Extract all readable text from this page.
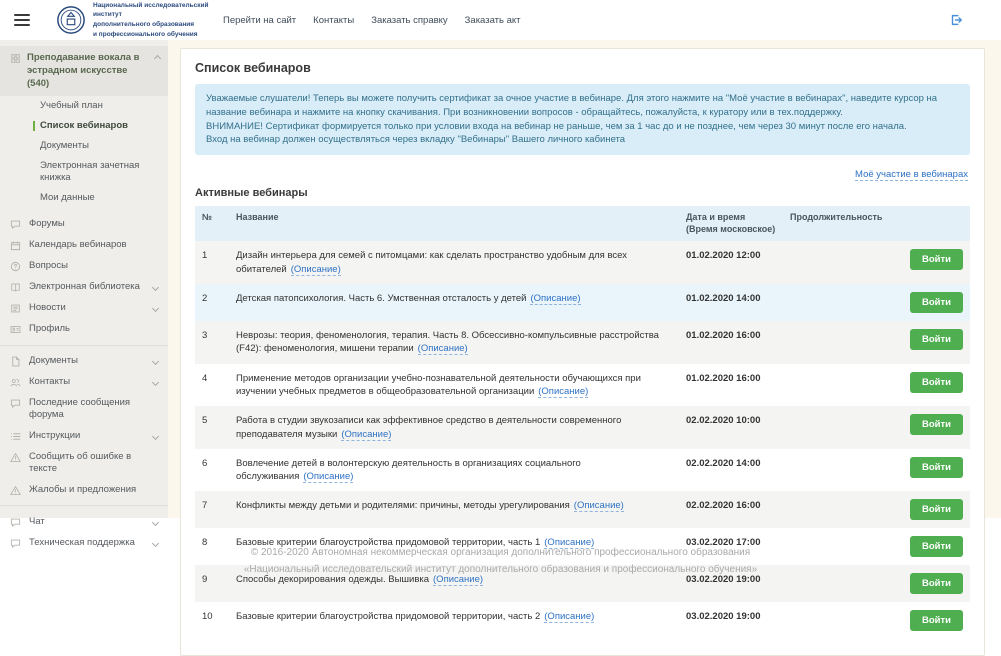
Национальный исследовательский институт
дополнительного образования
и профессионального обучения
Перейти на сайт Контакты Заказать справку Заказать акт
Преподавание вокала в эстрадном искусстве (540)
Учебный план
Список вебинаров
Документы
Электронная зачетная книжка
Мои данные
Форумы
Календарь вебинаров
Вопросы
Электронная библиотека
Новости
Профиль
Документы
Контакты
Последние сообщения форума
Инструкции
Сообщить об ошибке в тексте
Жалобы и предложения
Чат
Техническая поддержка
Список вебинаров

Уважаемые слушатели! Теперь вы можете получить сертификат за очное участие в вебинаре. Для этого нажмите на "Моё участие в вебинарах", наведите курсор на название вебинара и нажмите на кнопку скачивания. При возникновении вопросов - обращайтесь, пожалуйста, к куратору или в тех.поддержку.

ВНИМАНИЕ! Сертификат формируется только при условии входа на вебинар не раньше, чем за 1 час до и не позднее, чем через 30 минут после его начала.

Вход на вебинар должен осуществляться через вкладку "Вебинары" Вашего личного кабинета

Моё участие в вебинарах
Активные вебинары
№	Название	Дата и время (Время московское)	Продолжительность	
1	Дизайн интерьера для семей с питомцами: как сделать пространство удобным для всех обитателей (Описание)	01.02.2020 12:00		Войти
2	Детская патопсихология. Часть 6. Умственная отсталость у детей (Описание)	01.02.2020 14:00		Войти
3	Неврозы: теория, феноменология, терапия. Часть 8. Обсессивно-компульсивные расстройства (F42): феноменология, мишени терапии (Описание)	01.02.2020 16:00		Войти
4	Применение методов организации учебно-познавательной деятельности обучающихся при изучении учебных предметов в общеобразовательной организации (Описание)	01.02.2020 16:00		Войти
5	Работа в студии звукозаписи как эффективное средство в деятельности современного преподавателя музыки (Описание)	02.02.2020 10:00		Войти
6	Вовлечение детей в волонтерскую деятельность в организациях социального обслуживания (Описание)	02.02.2020 14:00		Войти
7	Конфликты между детьми и родителями: причины, методы урегулирования (Описание)	02.02.2020 16:00		Войти
8	Базовые критерии благоустройства придомовой территории, часть 1 (Описание)	03.02.2020 17:00		Войти
9	Способы декорирования одежды. Вышивка (Описание)	03.02.2020 19:00		Войти
10	Базовые критерии благоустройства придомовой территории, часть 2 (Описание)	03.02.2020 19:00		Войти
© 2016-2020 Автономная некоммерческая организация дополнительного профессионального образования
«Национальный исследовательский институт дополнительного образования и профессионального обучения»
